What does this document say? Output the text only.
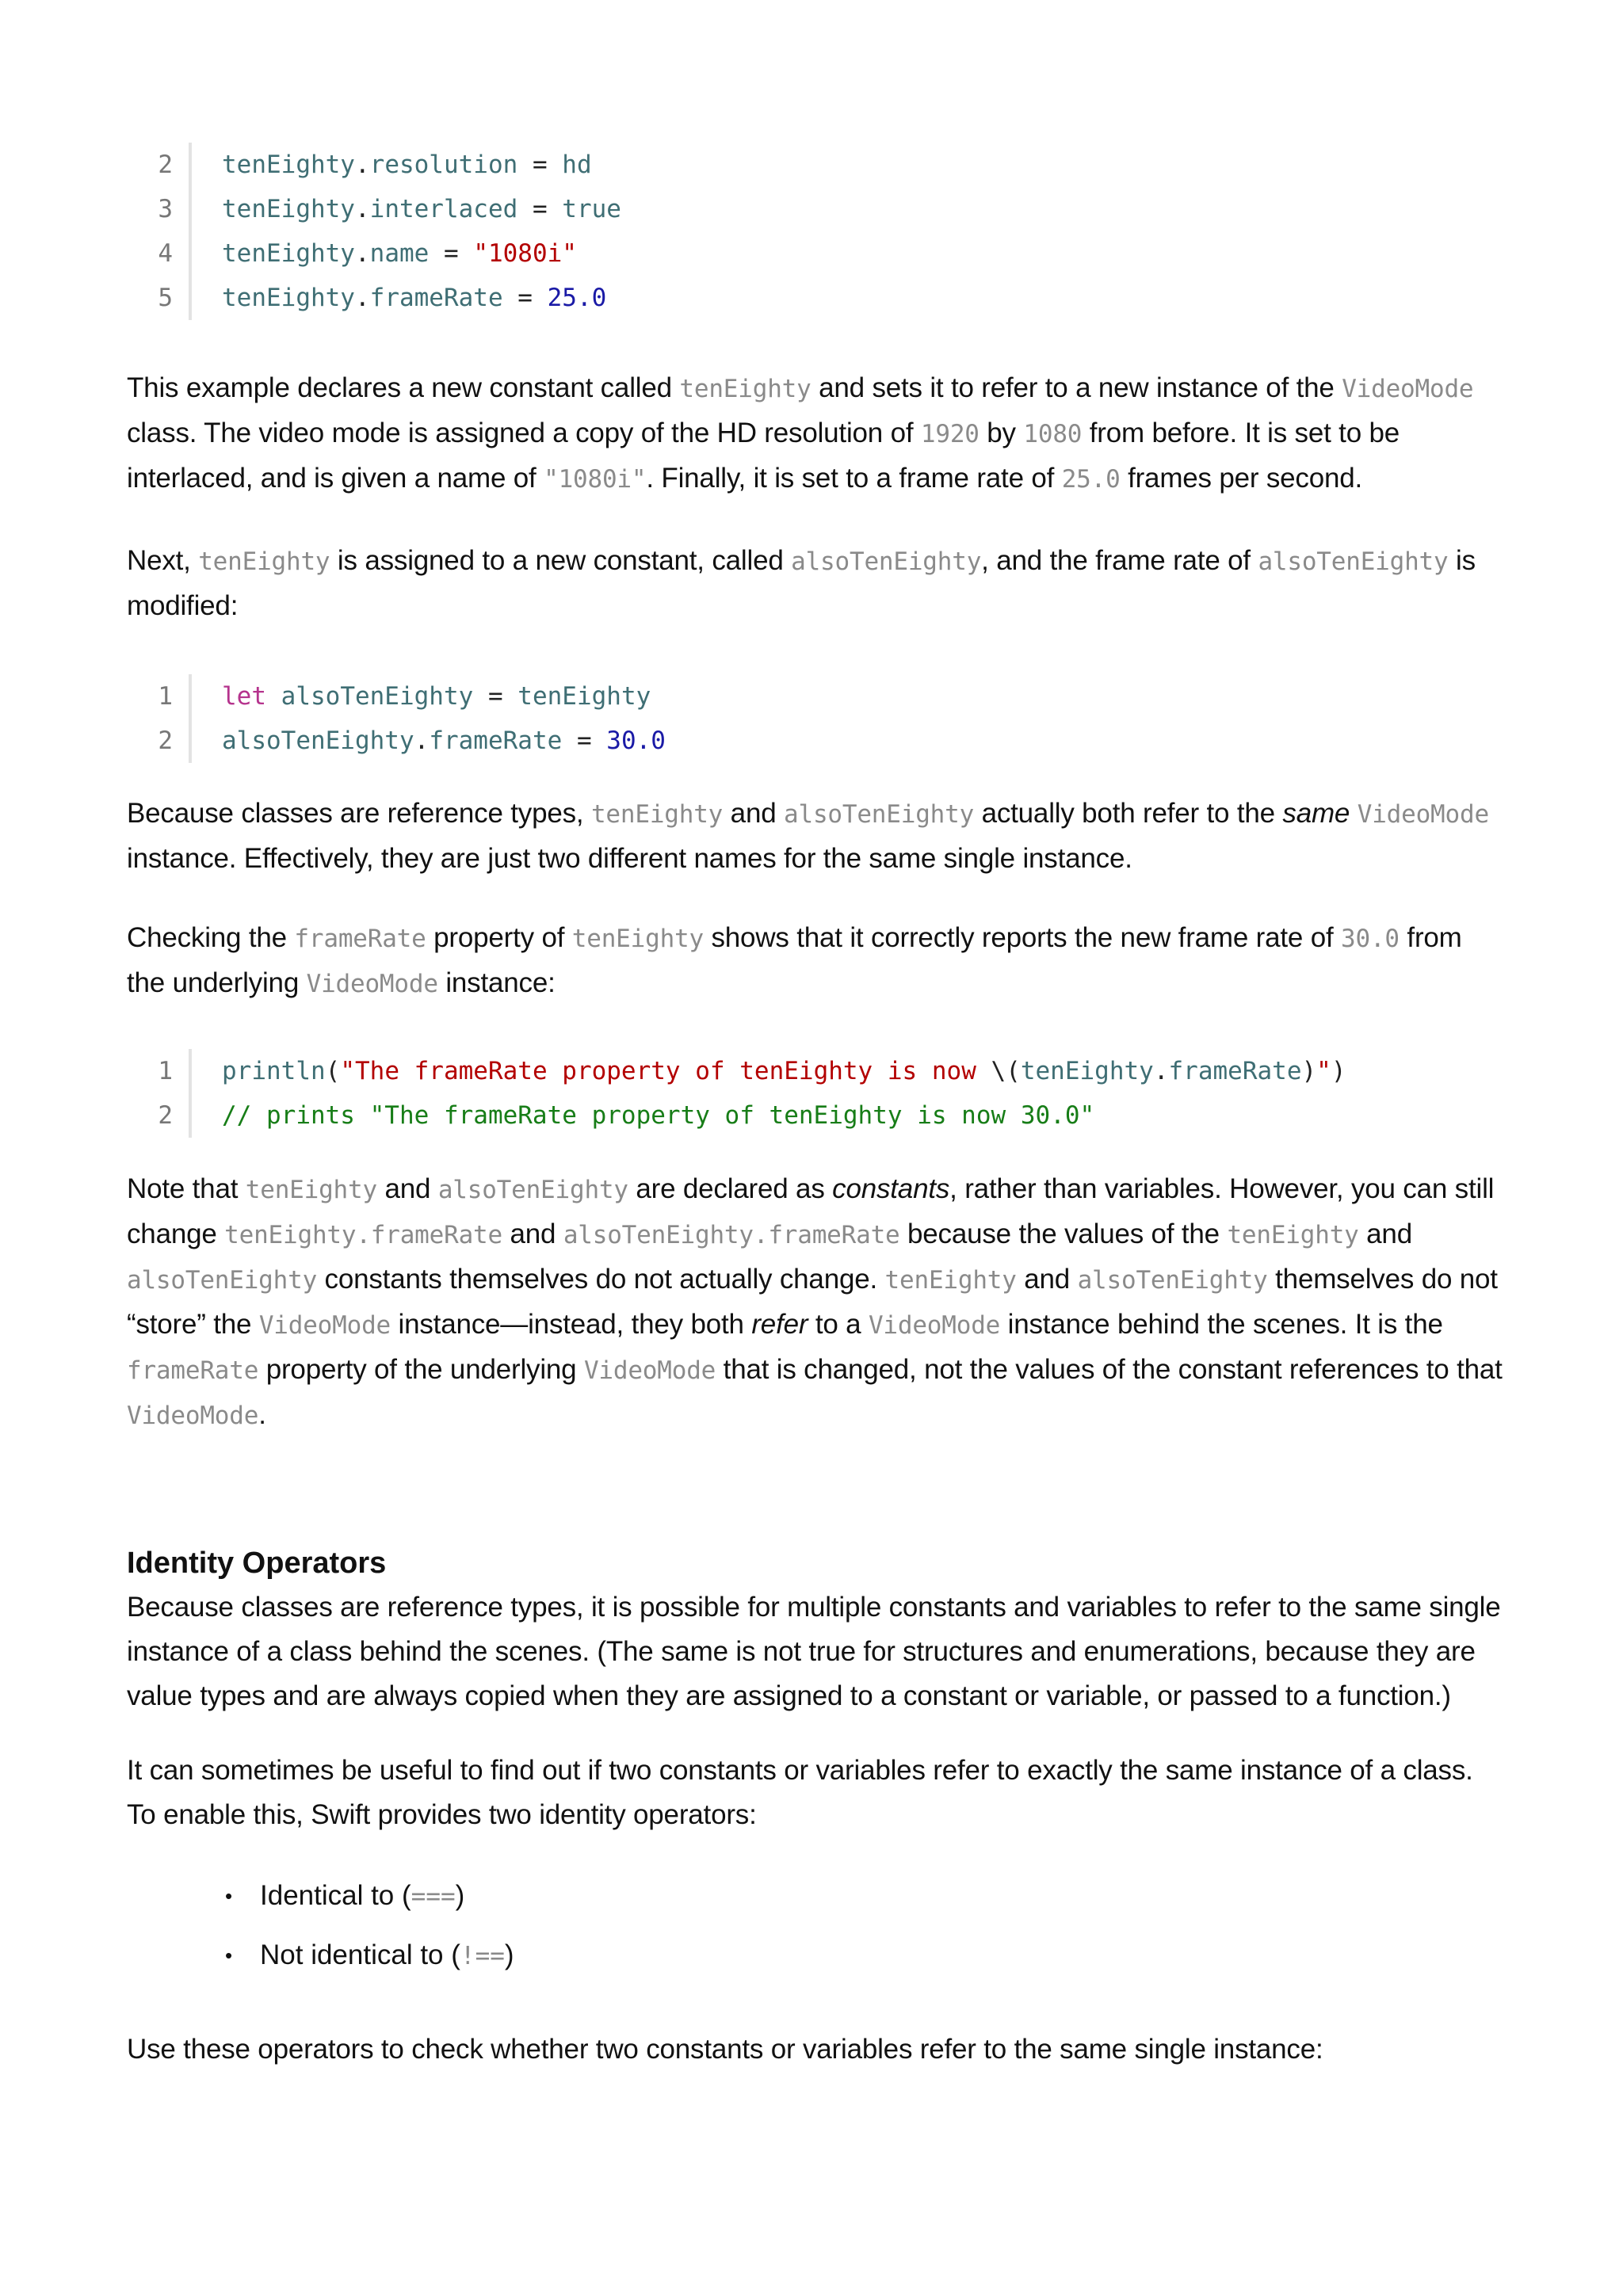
2	tenEighty.resolution = hd
3	tenEighty.interlaced = true
4	tenEighty.name = "1080i"
5	tenEighty.frameRate = 25.0

This example declares a new constant called tenEighty and sets it to refer to a new instance of the VideoMode class. The video mode is assigned a copy of the HD resolution of 1920 by 1080 from before. It is set to be interlaced, and is given a name of "1080i". Finally, it is set to a frame rate of 25.0 frames per second.

Next, tenEighty is assigned to a new constant, called alsoTenEighty, and the frame rate of alsoTenEighty is modified:

1	let alsoTenEighty = tenEighty
2	alsoTenEighty.frameRate = 30.0

Because classes are reference types, tenEighty and alsoTenEighty actually both refer to the same VideoMode instance. Effectively, they are just two different names for the same single instance.

Checking the frameRate property of tenEighty shows that it correctly reports the new frame rate of 30.0 from the underlying VideoMode instance:

1	println("The frameRate property of tenEighty is now \(tenEighty.frameRate)")
2	// prints "The frameRate property of tenEighty is now 30.0"

Note that tenEighty and alsoTenEighty are declared as constants, rather than variables. However, you can still change tenEighty.frameRate and alsoTenEighty.frameRate because the values of the tenEighty and alsoTenEighty constants themselves do not actually change. tenEighty and alsoTenEighty themselves do not “store” the VideoMode instance—instead, they both refer to a VideoMode instance behind the scenes. It is the frameRate property of the underlying VideoMode that is changed, not the values of the constant references to that VideoMode.

Identity Operators

Because classes are reference types, it is possible for multiple constants and variables to refer to the same single instance of a class behind the scenes. (The same is not true for structures and enumerations, because they are value types and are always copied when they are assigned to a constant or variable, or passed to a function.)

It can sometimes be useful to find out if two constants or variables refer to exactly the same instance of a class. To enable this, Swift provides two identity operators:

• Identical to (===)
• Not identical to (!==)

Use these operators to check whether two constants or variables refer to the same single instance:
